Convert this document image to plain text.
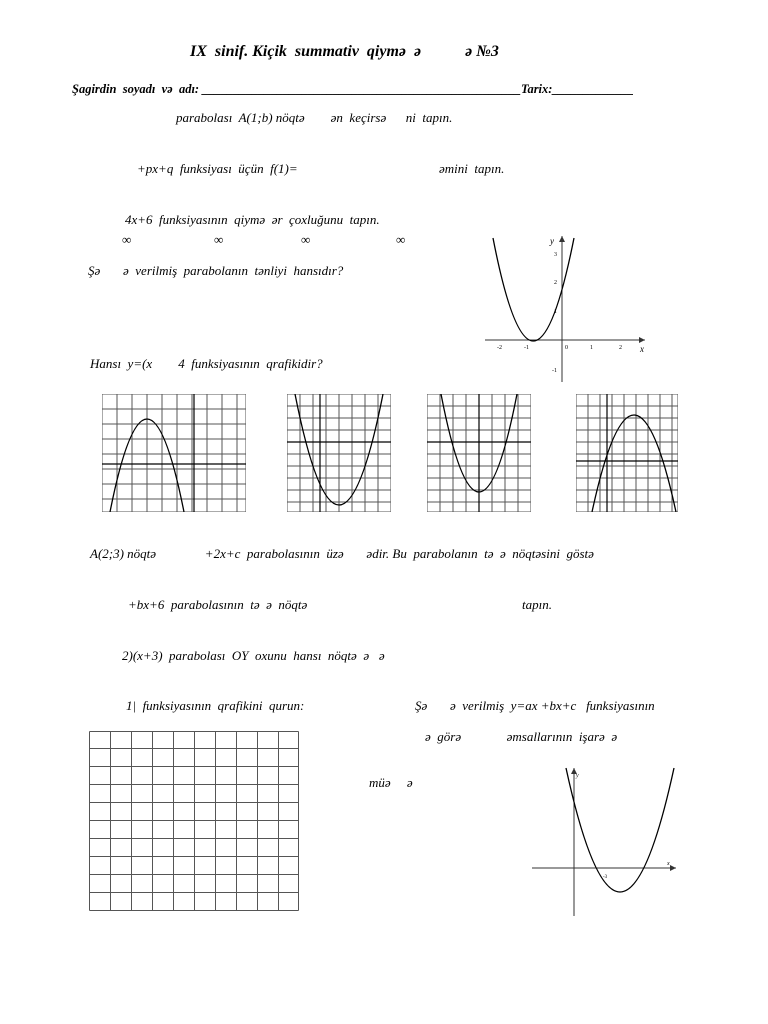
IX  sinif. Kiçik  summativ  qiymə  ə           ə №3
Şagirdin  soyadı  və  adı: ___________________________________________________Tarix:_____________
parabolası  A(1;b) nöqtə        ən  keçirsə      ni  tapın.
+px+q  funksiyası  üçün  f(1)=	əmini  tapın.
4x+6  funksiyasının  qiymə  ər  çoxluğunu  tapın.
∞	∞	∞	∞
Şə       ə  verilmiş  parabolanın  tənliyi  hansıdır?
y
x
-2	-1	0	1	2
3
2
1
-1
Hansı  y=(x        4  funksiyasının  qrafikidir?
A(2;3) nöqtə               +2x+c  parabolasının  üzə       ədir. Bu  parabolanın  tə  ə  nöqtəsini  göstə
+bx+6  parabolasının  tə  ə  nöqtə	tapın.
2)(x+3)  parabolası  OY  oxunu  hansı  nöqtə  ə   ə
1|  funksiyasının  qrafikini  qurun:	Şə       ə  verilmiş  y=ax +bx+c   funksiyasının
ə  görə              əmsallarının  işarə  ə
müə     ə	y
x
-3
